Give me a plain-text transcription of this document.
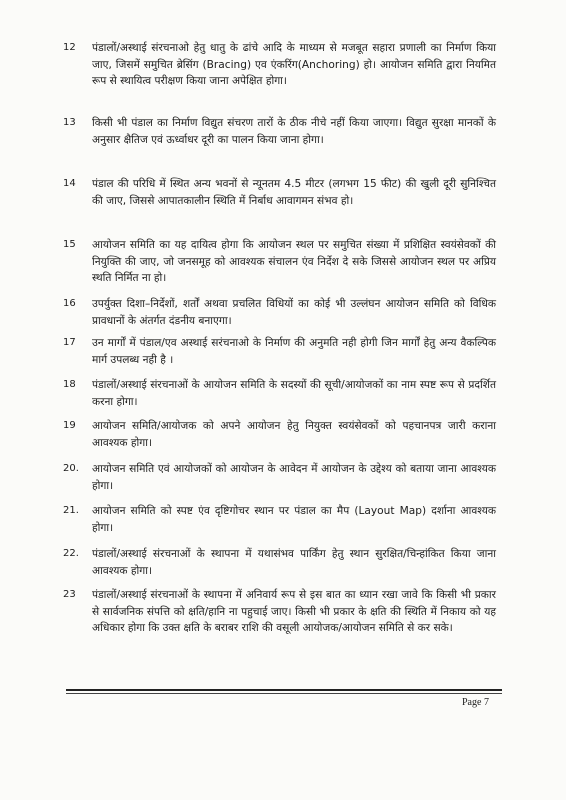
12	पंडालों/अस्थाई संरचनाओ हेतु धातु के ढांचे आदि के माध्यम से मजबूत सहारा प्रणाली का निर्माण किया जाए, जिसमें समुचित ब्रेसिंग (Bracing) एव एंकरिंग(Anchoring) हो। आयोजन समिति द्वारा नियमित रूप से स्थायित्व परीक्षण किया जाना अपेक्षित होगा।
13	किसी भी पंडाल का निर्माण विद्युत संचरण तारों के ठीक नीचे नहीं किया जाएगा। विद्युत सुरक्षा मानकों के अनुसार क्षैतिज एवं ऊर्ध्वाधर दूरी का पालन किया जाना होगा।
14	पंडाल की परिधि में स्थित अन्य भवनों से न्यूनतम 4.5 मीटर (लगभग 15 फीट) की खुली दूरी सुनिश्चित की जाए, जिससे आपातकालीन स्थिति में निर्बाध आवागमन संभव हो।
15	आयोजन समिति का यह दायित्व होगा कि आयोजन स्थल पर समुचित संख्या में प्रशिक्षित स्वयंसेवकों की नियुक्ति की जाए, जो जनसमूह को आवश्यक संचालन एंव निर्देश दे सके जिससे आयोजन स्थल पर अप्रिय स्थति निर्मित ना हो।
16	उपर्युक्त दिशा–निर्देशों, शर्तों अथवा प्रचलित विधियों का कोई भी उल्लंघन आयोजन समिति को विधिक प्रावधानों के अंतर्गत दंडनीय बनाएगा।
17	उन मार्गों में पंडाल/एव अस्थाई सरंचनाओ के निर्माण की अनुमति नही होगी जिन मार्गों हेतु अन्य वैकल्पिक मार्ग उपलब्ध नही है ।
18	पंडालों/अस्थाई संरचनाओं के आयोजन समिति के सदस्यों की सूची/आयोजकों का नाम स्पष्ट रूप से प्रदर्शित करना होगा।
19	आयोजन समिति/आयोजक को अपने आयोजन हेतु नियुक्त स्वयंसेवकों को पहचानपत्र जारी कराना आवश्यक होगा।
20.	आयोजन समिति एवं आयोजकों को आयोजन के आवेदन में आयोजन के उद्देश्य को बताया जाना आवश्यक होगा।
21.	आयोजन समिति को स्पष्ट एंव दृष्टिगोचर स्थान पर पंडाल का मैप (Layout Map) दर्शाना आवश्यक होगा।
22.	पंडालों/अस्थाई संरचनाओं के स्थापना में यथासंभव पार्किंग हेतु स्थान सुरक्षित/चिन्हांकित किया जाना आवश्यक होगा।
23	पंडालों/अस्थाई संरचनाओं के स्थापना में अनिवार्य रूप से इस बात का ध्यान रखा जावे कि किसी भी प्रकार से सार्वजनिक संपत्ति को क्षति/हानि ना पहुचाई जाए। किसी भी प्रकार के क्षति की स्थिति में निकाय को यह अधिकार होगा कि उक्त क्षति के बराबर राशि की वसूली आयोजक/आयोजन समिति से कर सके।
Page 7
